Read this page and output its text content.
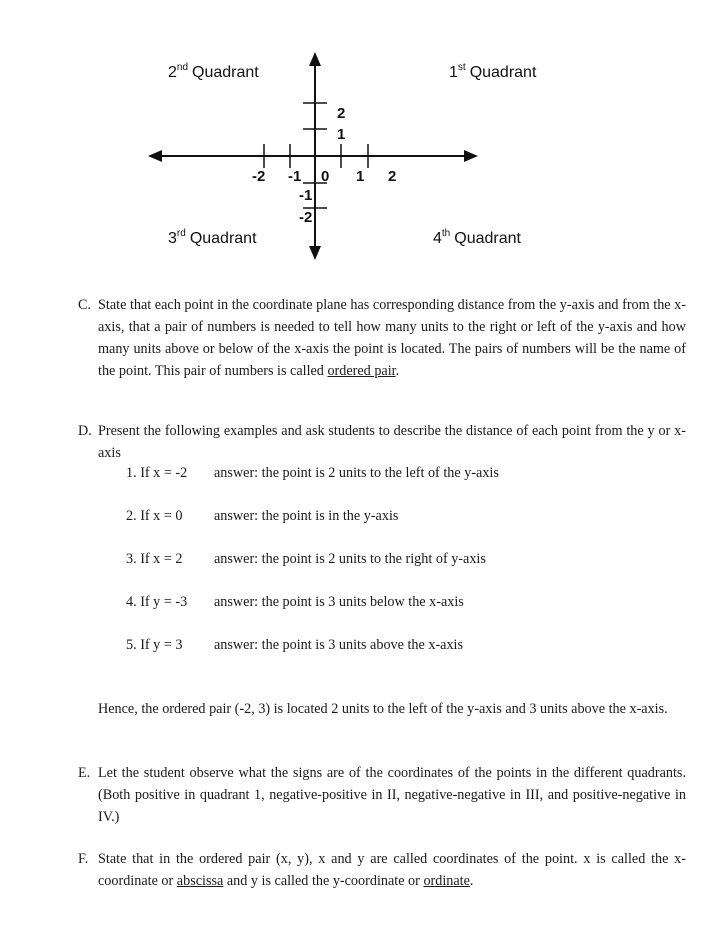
2nd Quadrant	1st Quadrant
3rd Quadrant	4th Quadrant
-2 -1 0 1 2
2
1
-1
-2
C. State that each point in the coordinate plane has corresponding distance from the y-axis and from the x-axis, that a pair of numbers is needed to tell how many units to the right or left of the y-axis and how many units above or below of the x-axis the point is located. The pairs of numbers will be the name of the point. This pair of numbers is called ordered pair.
D. Present the following examples and ask students to describe the distance of each point from the y or x-axis
1. If x = -2 answer: the point is 2 units to the left of the y-axis
2. If x = 0 answer: the point is in the y-axis
3. If x = 2 answer: the point is 2 units to the right of y-axis
4. If y = -3 answer: the point is 3 units below the x-axis
5. If y = 3 answer: the point is 3 units above the x-axis
Hence, the ordered pair (-2, 3) is located 2 units to the left of the y-axis and 3 units above the x-axis.
E. Let the student observe what the signs are of the coordinates of the points in the different quadrants. (Both positive in quadrant 1, negative-positive in II, negative-negative in III, and positive-negative in IV.)
F. State that in the ordered pair (x, y), x and y are called coordinates of the point. x is called the x-coordinate or abscissa and y is called the y-coordinate or ordinate.
